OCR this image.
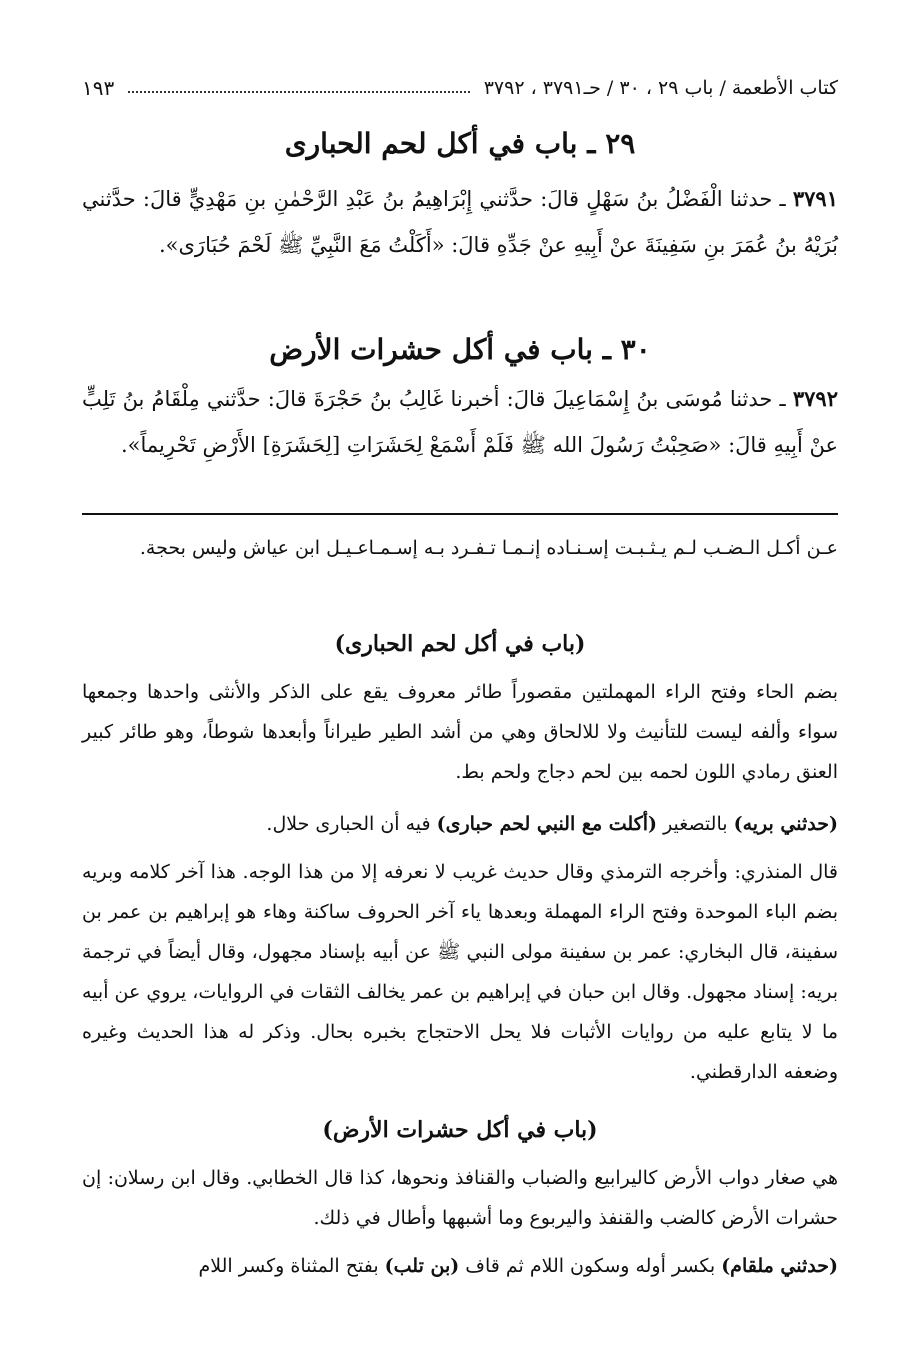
كتاب الأطعمة / باب ٢٩ ، ٣٠ / حـ٣٧٩١ ، ٣٧٩٢
١٩٣
٢٩ ـ باب في أكل لحم الحبارى
٣٧٩١ ـ حدثنا الْفَضْلُ بنُ سَهْلٍ قالَ: حدَّثني إِبْرَاهِيمُ بنُ عَبْدِ الرَّحْمٰنِ بنِ مَهْدِيٍّ قالَ: حدَّثني بُرَيْهُ بنُ عُمَرَ بنِ سَفِينَةَ عنْ أَبِيهِ عنْ جَدِّهِ قالَ: «أَكَلْتُ مَعَ النَّبِيِّ ﷺ لَحْمَ حُبَارَى».
٣٠ ـ باب في أكل حشرات الأرض
٣٧٩٢ ـ حدثنا مُوسَى بنُ إِسْمَاعِيلَ قالَ: أخبرنا غَالِبُ بنُ حَجْرَةَ قالَ: حدَّثني مِلْقَامُ بنُ تَلِبٍّ عنْ أَبِيهِ قالَ: «صَحِبْتُ رَسُولَ الله ﷺ فَلَمْ أَسْمَعْ لِحَشَرَاتِ [لِحَشَرَةِ] الأَرْضِ تَحْرِيماً».
عـن أكـل الـضـب لـم يـثـبـت إسـنـاده إنـمـا تـفـرد بـه إسـمـاعـيـل ابن عياش وليس بحجة.
(باب في أكل لحم الحبارى)
بضم الحاء وفتح الراء المهملتين مقصوراً طائر معروف يقع على الذكر والأنثى واحدها وجمعها سواء وألفه ليست للتأنيث ولا للالحاق وهي من أشد الطير طيراناً وأبعدها شوطاً، وهو طائر كبير العنق رمادي اللون لحمه بين لحم دجاج ولحم بط.
(حدثني بريه) بالتصغير (أكلت مع النبي لحم حبارى) فيه أن الحبارى حلال.
قال المنذري: وأخرجه الترمذي وقال حديث غريب لا نعرفه إلا من هذا الوجه. هذا آخر كلامه وبريه بضم الباء الموحدة وفتح الراء المهملة وبعدها ياء آخر الحروف ساكنة وهاء هو إبراهيم بن عمر بن سفينة، قال البخاري: عمر بن سفينة مولى النبي ﷺ عن أبيه بإسناد مجهول، وقال أيضاً في ترجمة بريه: إسناد مجهول. وقال ابن حبان في إبراهيم بن عمر يخالف الثقات في الروايات، يروي عن أبيه ما لا يتابع عليه من روايات الأثبات فلا يحل الاحتجاج بخبره بحال. وذكر له هذا الحديث وغيره وضعفه الدارقطني.
(باب في أكل حشرات الأرض)
هي صغار دواب الأرض كاليرابيع والضباب والقنافذ ونحوها، كذا قال الخطابي. وقال ابن رسلان: إن حشرات الأرض كالضب والقنفذ واليربوع وما أشبهها وأطال في ذلك.
(حدثني ملقام) بكسر أوله وسكون اللام ثم قاف (بن تلب) بفتح المثناة وكسر اللام
